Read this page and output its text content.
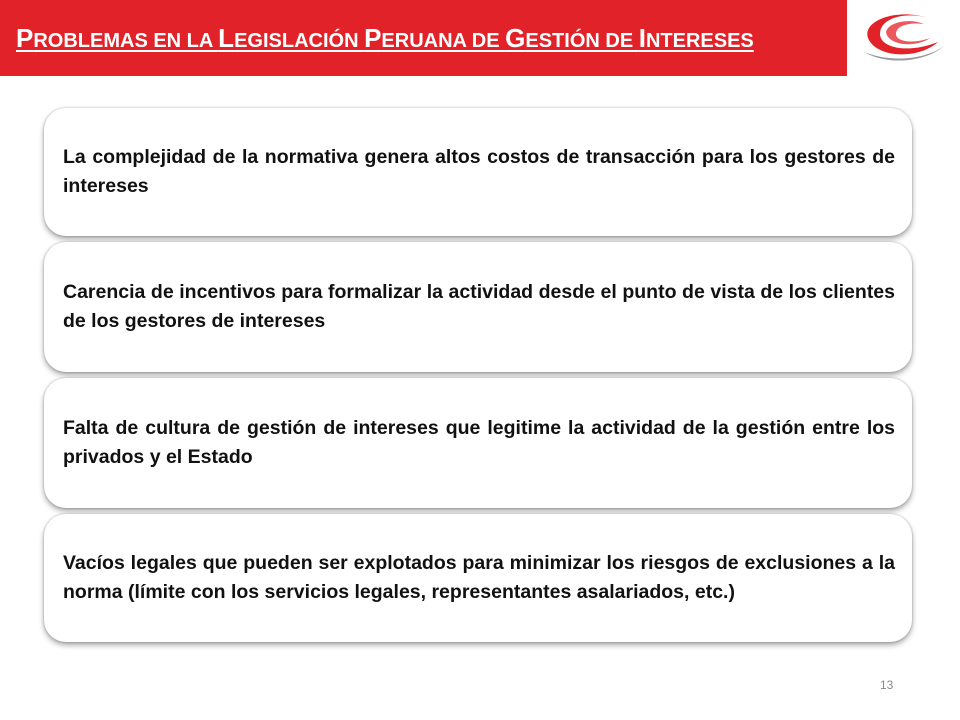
PROBLEMAS EN LA LEGISLACIÓN PERUANA DE GESTIÓN DE INTERESES
La complejidad de la normativa genera altos costos de transacción para los gestores de intereses
Carencia de incentivos para formalizar la actividad desde el punto de vista de los clientes de los gestores de intereses
Falta de cultura de gestión de intereses que legitime la actividad de la gestión entre los privados y el Estado
Vacíos legales que pueden ser explotados para minimizar los riesgos de exclusiones a la norma (límite con los servicios legales, representantes asalariados, etc.)
13
